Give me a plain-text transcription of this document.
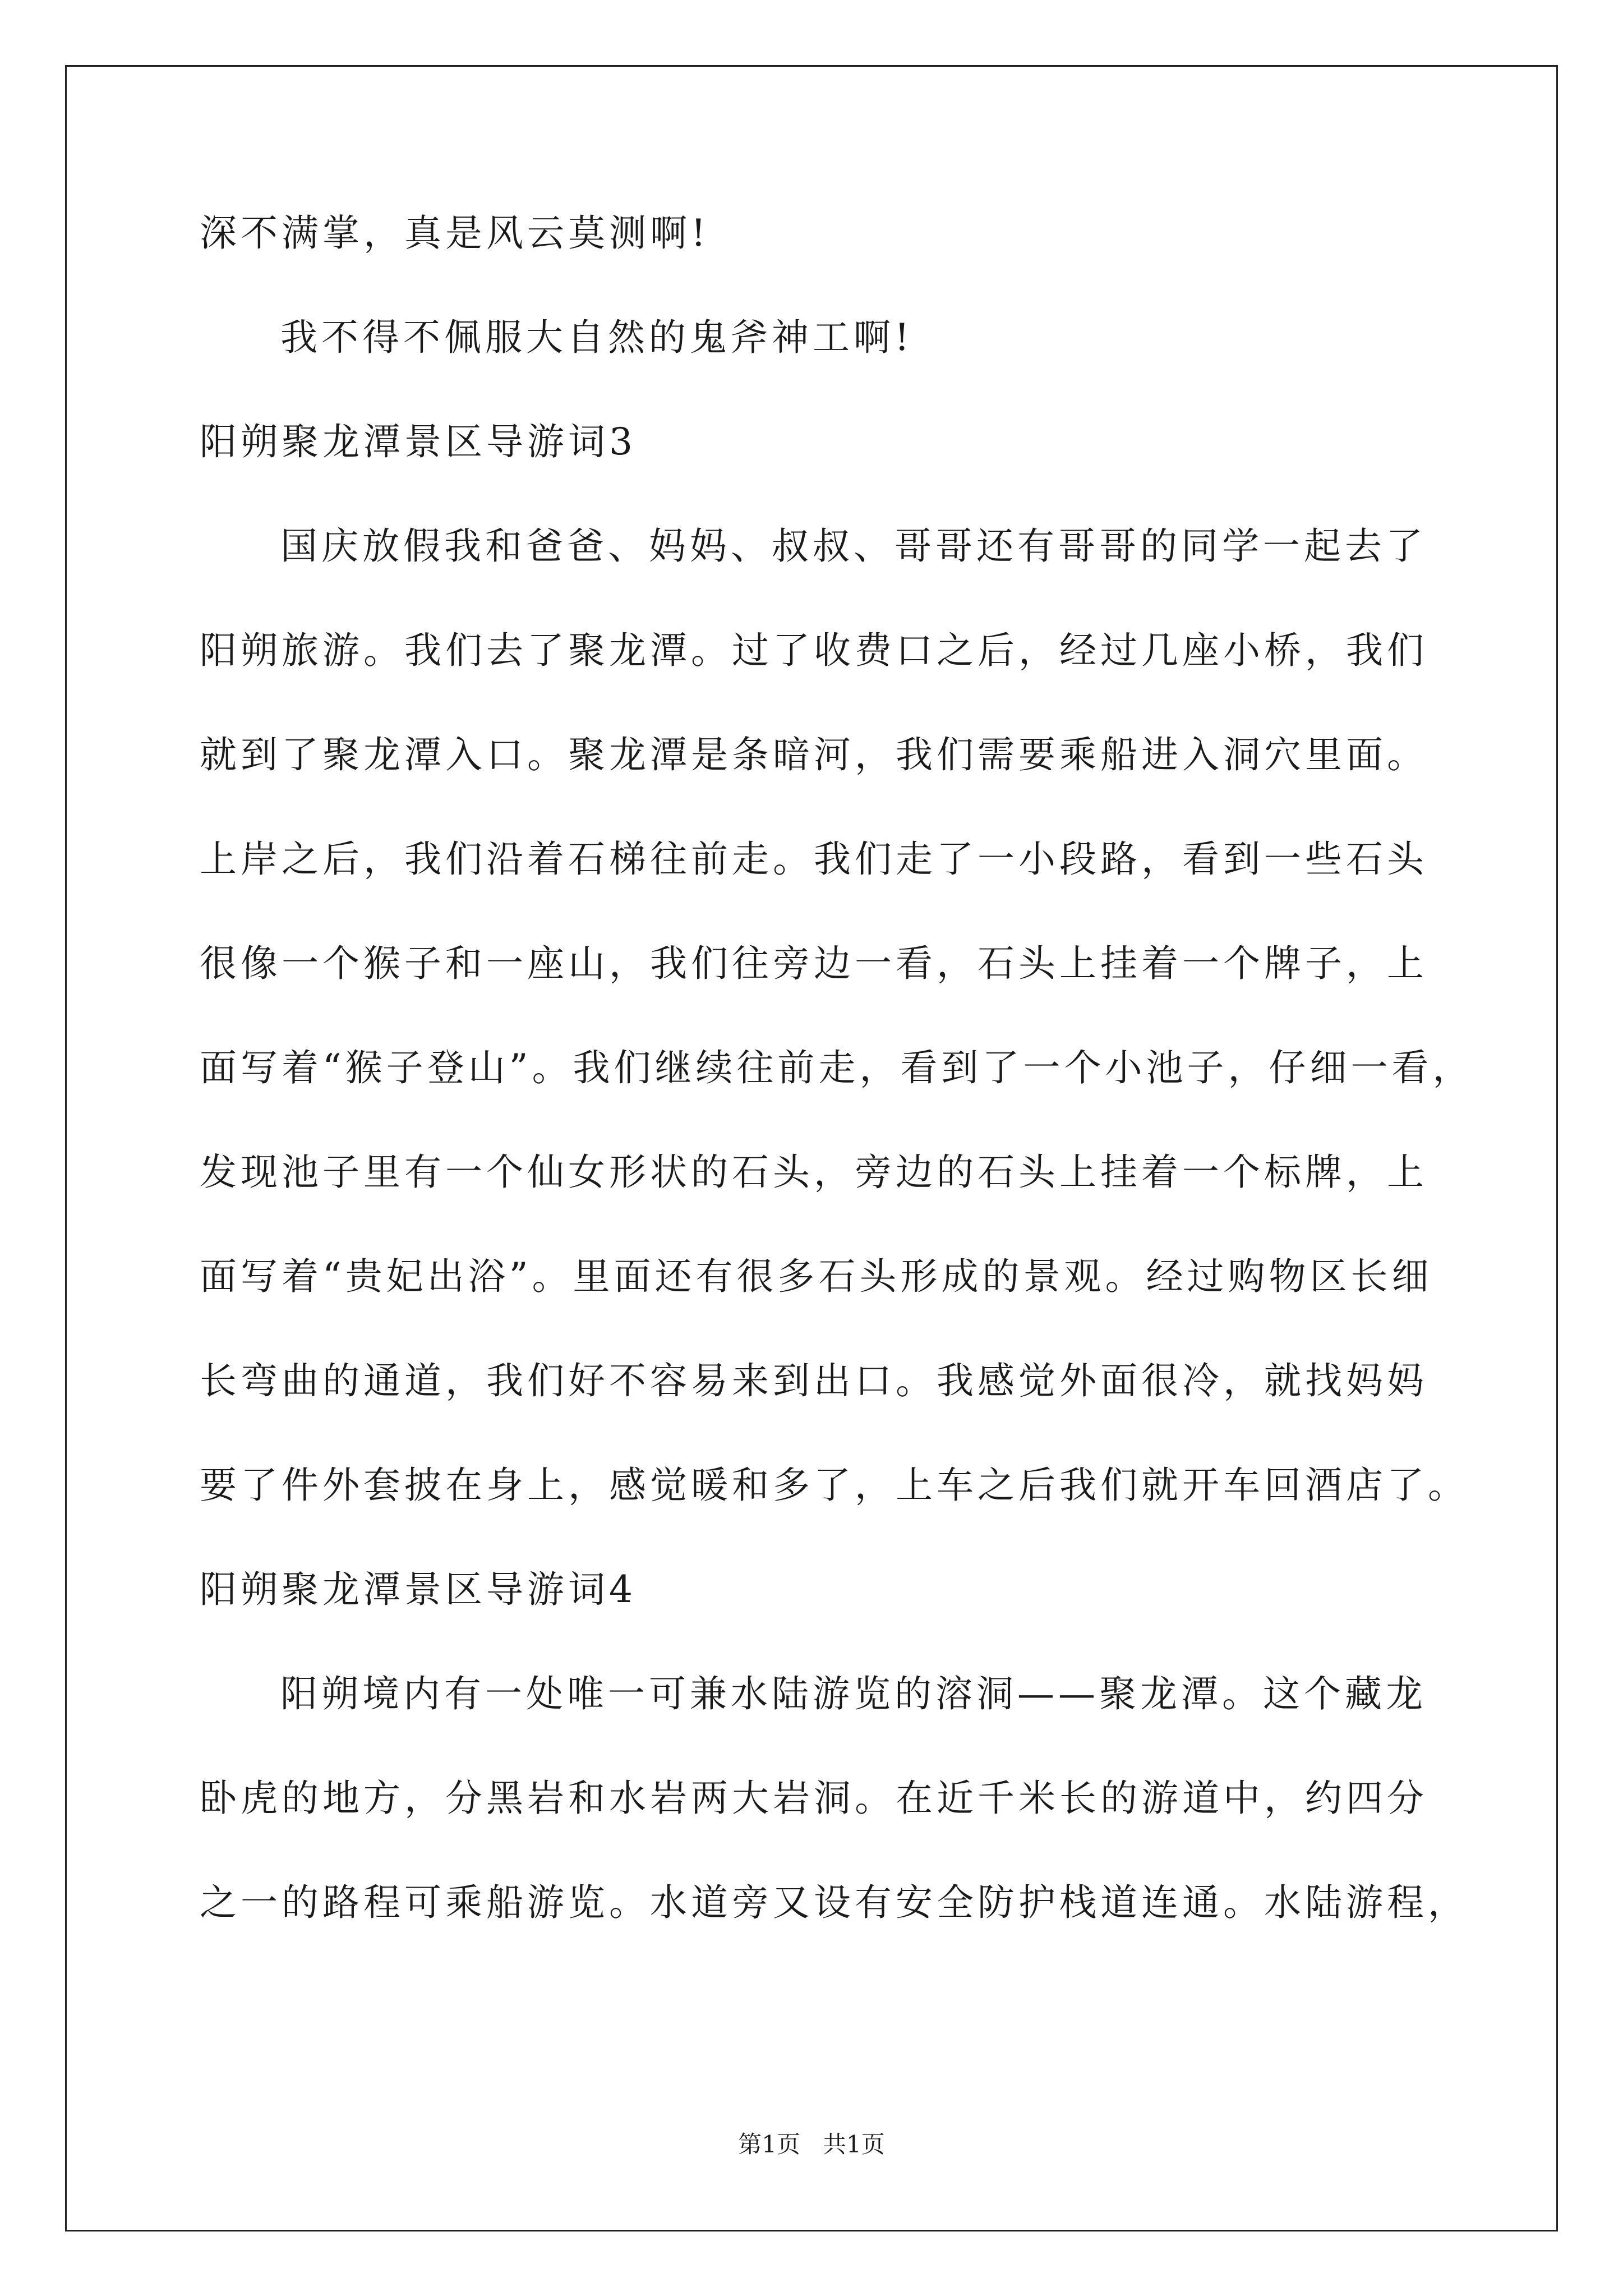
深不满掌，真是风云莫测啊!
我不得不佩服大自然的鬼斧神工啊!
阳朔聚龙潭景区导游词3
国庆放假我和爸爸、妈妈、叔叔、哥哥还有哥哥的同学一起去了
阳朔旅游。我们去了聚龙潭。过了收费口之后，经过几座小桥，我们
就到了聚龙潭入口。聚龙潭是条暗河，我们需要乘船进入洞穴里面。
上岸之后，我们沿着石梯往前走。我们走了一小段路，看到一些石头
很像一个猴子和一座山，我们往旁边一看，石头上挂着一个牌子，上
面写着“猴子登山”。我们继续往前走，看到了一个小池子，仔细一看，
发现池子里有一个仙女形状的石头，旁边的石头上挂着一个标牌，上
面写着“贵妃出浴”。里面还有很多石头形成的景观。经过购物区长细
长弯曲的通道，我们好不容易来到出口。我感觉外面很冷，就找妈妈
要了件外套披在身上，感觉暖和多了，上车之后我们就开车回酒店了。
阳朔聚龙潭景区导游词4
阳朔境内有一处唯一可兼水陆游览的溶洞——聚龙潭。这个藏龙
卧虎的地方，分黑岩和水岩两大岩洞。在近千米长的游道中，约四分
之一的路程可乘船游览。水道旁又设有安全防护栈道连通。水陆游程，
第1页   共1页
